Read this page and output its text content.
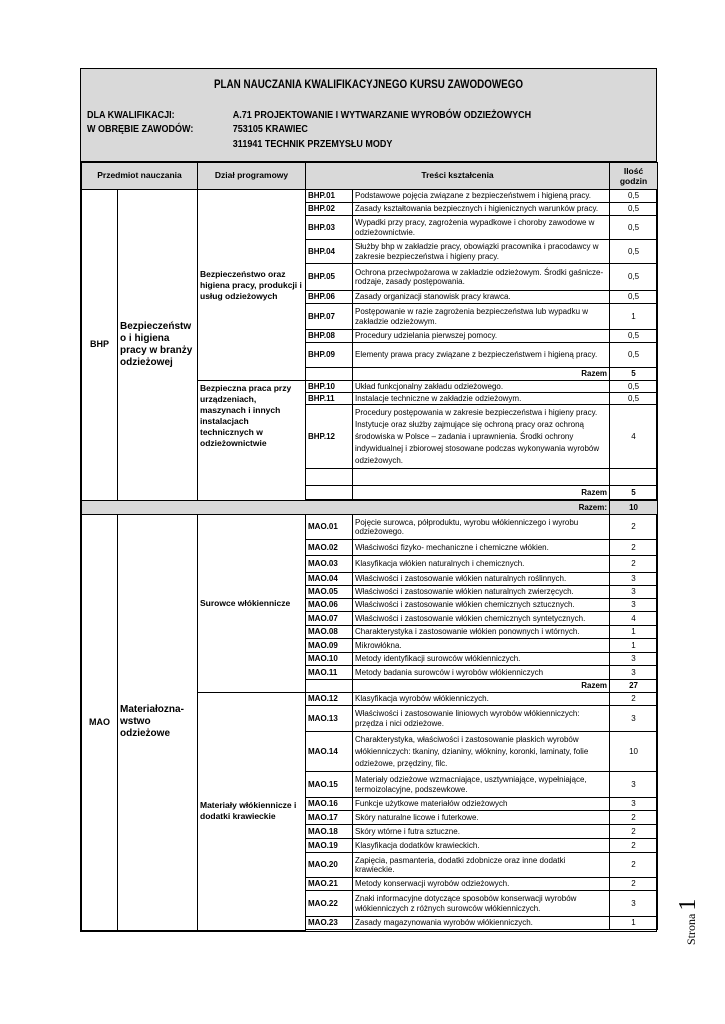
PLAN NAUCZANIA KWALIFIKACYJNEGO KURSU ZAWODOWEGO
DLA KWALIFIKACJI:	A.71 PROJEKTOWANIE I WYTWARZANIE WYROBÓW ODZIEŻOWYCH
W OBRĘBIE ZAWODÓW:	753105 KRAWIEC
311941 TECHNIK PRZEMYSŁU MODY
Przedmiot nauczania		Dział programowy	Treści kształcenia		Ilość godzin
BHP	Bezpieczeństw o i higiena pracy w branży odzieżowej	Bezpieczeństwo oraz higiena pracy, produkcji i usług odzieżowych	BHP.01	Podstawowe pojęcia związane z bezpieczeństwem i higieną pracy.	0,5
			BHP.02	Zasady kształtowania bezpiecznych i higienicznych warunków pracy.	0,5
			BHP.03	Wypadki przy pracy, zagrożenia wypadkowe i choroby zawodowe w odzieżownictwie.	0,5
			BHP.04	Służby bhp w zakładzie pracy, obowiązki pracownika i pracodawcy w zakresie bezpieczeństwa i higieny pracy.	0,5
			BHP.05	Ochrona przeciwpożarowa w zakładzie odzieżowym. Środki gaśnicze- rodzaje, zasady postępowania.	0,5
			BHP.06	Zasady organizacji stanowisk pracy krawca.	0,5
			BHP.07	Postępowanie w razie zagrożenia bezpieczeństwa lub wypadku w zakładzie odzieżowym.	1
			BHP.08	Procedury udzielania pierwszej pomocy.	0,5
			BHP.09	Elementy prawa pracy związane z bezpieczeństwem i higieną pracy.	0,5
				Razem	5
		Bezpieczna praca przy urządzeniach, maszynach i innych instalacjach technicznych w odzieżownictwie	BHP.10	Układ funkcjonalny zakładu odzieżowego.	0,5
			BHP.11	Instalacje techniczne w zakładzie odzieżowym.	0,5
			BHP.12	Procedury postępowania w zakresie bezpieczeństwa i higieny pracy. Instytucje oraz służby zajmujące się ochroną pracy oraz ochroną środowiska w Polsce – zadania i uprawnienia. Środki ochrony indywidualnej i zbiorowej stosowane podczas wykonywania wyrobów odzieżowych.	4

				Razem	5

Razem:					10
MAO	Materiałozna- wstwo odzieżowe	Surowce włókiennicze	MAO.01	Pojęcie surowca, półproduktu, wyrobu włókienniczego i wyrobu odzieżowego.	2
			MAO.02	Właściwości fizyko- mechaniczne i chemiczne włókien.	2
			MAO.03	Klasyfikacja włókien naturalnych i chemicznych.	2
			MAO.04	Właściwości i zastosowanie włókien naturalnych roślinnych.	3
			MAO.05	Właściwości i zastosowanie włókien naturalnych zwierzęcych.	3
			MAO.06	Właściwości i zastosowanie włókien chemicznych sztucznych.	3
			MAO.07	Właściwości i zastosowanie włókien chemicznych syntetycznych.	4
			MAO.08	Charakterystyka i zastosowanie włókien ponownych i wtórnych.	1
			MAO.09	Mikrowłókna.	1
			MAO.10	Metody identyfikacji surowców włókienniczych.	3
			MAO.11	Metody badania surowców i wyrobów włókienniczych	3
				Razem	27
		Materiały włókiennicze i dodatki krawieckie	MAO.12	Klasyfikacja wyrobów włókienniczych.	2
			MAO.13	Właściwości i zastosowanie liniowych wyrobów włókienniczych: przędza i nici odzieżowe.	3
			MAO.14	Charakterystyka, właściwości i zastosowanie płaskich wyrobów włókienniczych: tkaniny, dzianiny, włókniny, koronki, laminaty, folie odzieżowe, przędziny, filc.	10
			MAO.15	Materiały odzieżowe wzmacniające, usztywniające, wypełniające, termoizolacyjne, podszewkowe.	3
			MAO.16	Funkcje użytkowe materiałów odzieżowych	3
			MAO.17	Skóry naturalne licowe i futerkowe.	2
			MAO.18	Skóry wtórne i futra sztuczne.	2
			MAO.19	Klasyfikacja dodatków krawieckich.	2
			MAO.20	Zapięcia, pasmanteria, dodatki zdobnicze oraz inne dodatki krawieckie.	2
			MAO.21	Metody konserwacji wyrobów odzieżowych.	2
			MAO.22	Znaki informacyjne dotyczące sposobów konserwacji wyrobów włókienniczych z różnych surowców włókienniczych.	3
			MAO.23	Zasady magazynowania wyrobów włókienniczych.	1	Strona1
